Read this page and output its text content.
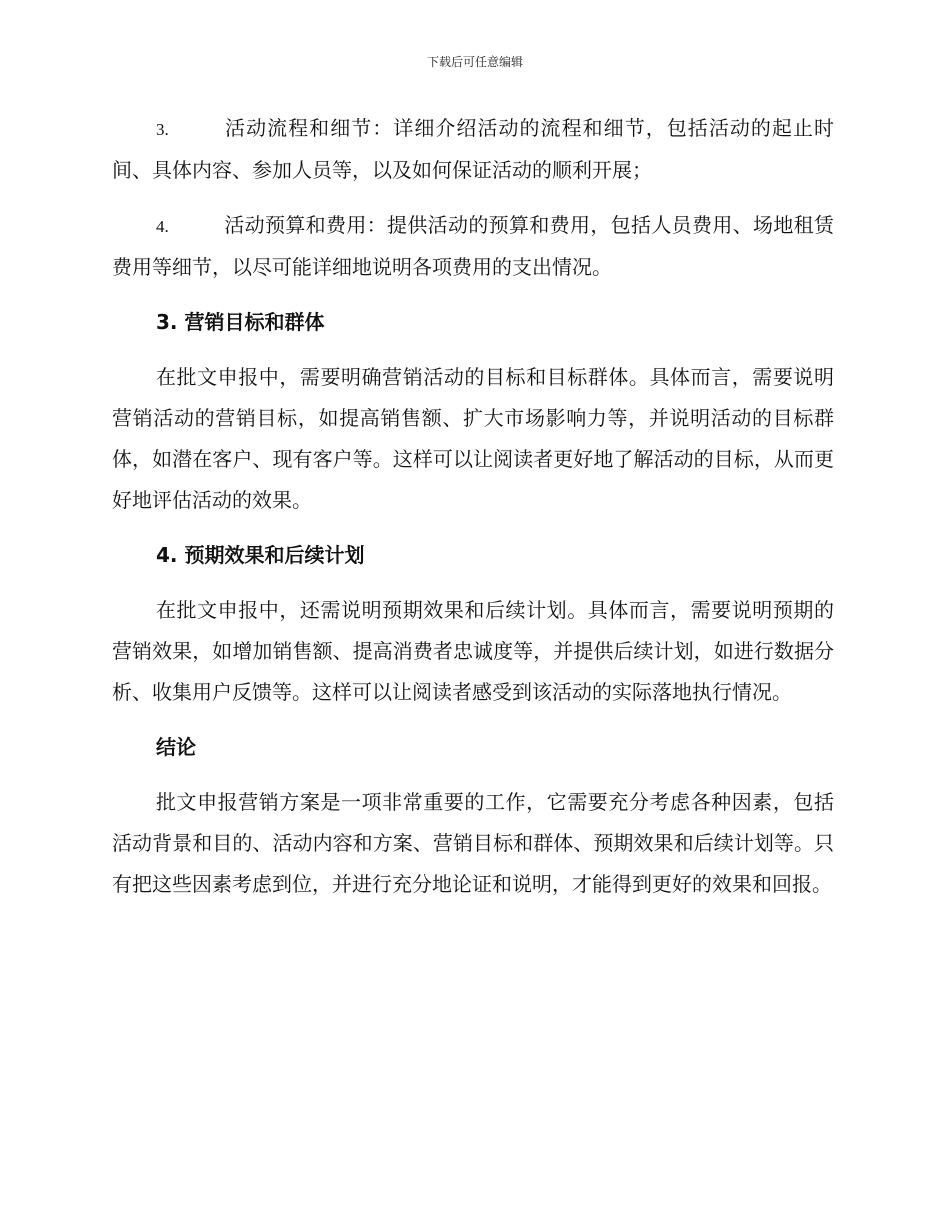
下载后可任意编辑

3.	活动流程和细节：详细介绍活动的流程和细节，包括活动的起止时间、具体内容、参加人员等，以及如何保证活动的顺利开展；

4.	活动预算和费用：提供活动的预算和费用，包括人员费用、场地租赁费用等细节，以尽可能详细地说明各项费用的支出情况。

3. 营销目标和群体

在批文申报中，需要明确营销活动的目标和目标群体。具体而言，需要说明营销活动的营销目标，如提高销售额、扩大市场影响力等，并说明活动的目标群体，如潜在客户、现有客户等。这样可以让阅读者更好地了解活动的目标，从而更好地评估活动的效果。

4. 预期效果和后续计划

在批文申报中，还需说明预期效果和后续计划。具体而言，需要说明预期的营销效果，如增加销售额、提高消费者忠诚度等，并提供后续计划，如进行数据分析、收集用户反馈等。这样可以让阅读者感受到该活动的实际落地执行情况。

结论

批文申报营销方案是一项非常重要的工作，它需要充分考虑各种因素，包括活动背景和目的、活动内容和方案、营销目标和群体、预期效果和后续计划等。只有把这些因素考虑到位，并进行充分地论证和说明，才能得到更好的效果和回报。
